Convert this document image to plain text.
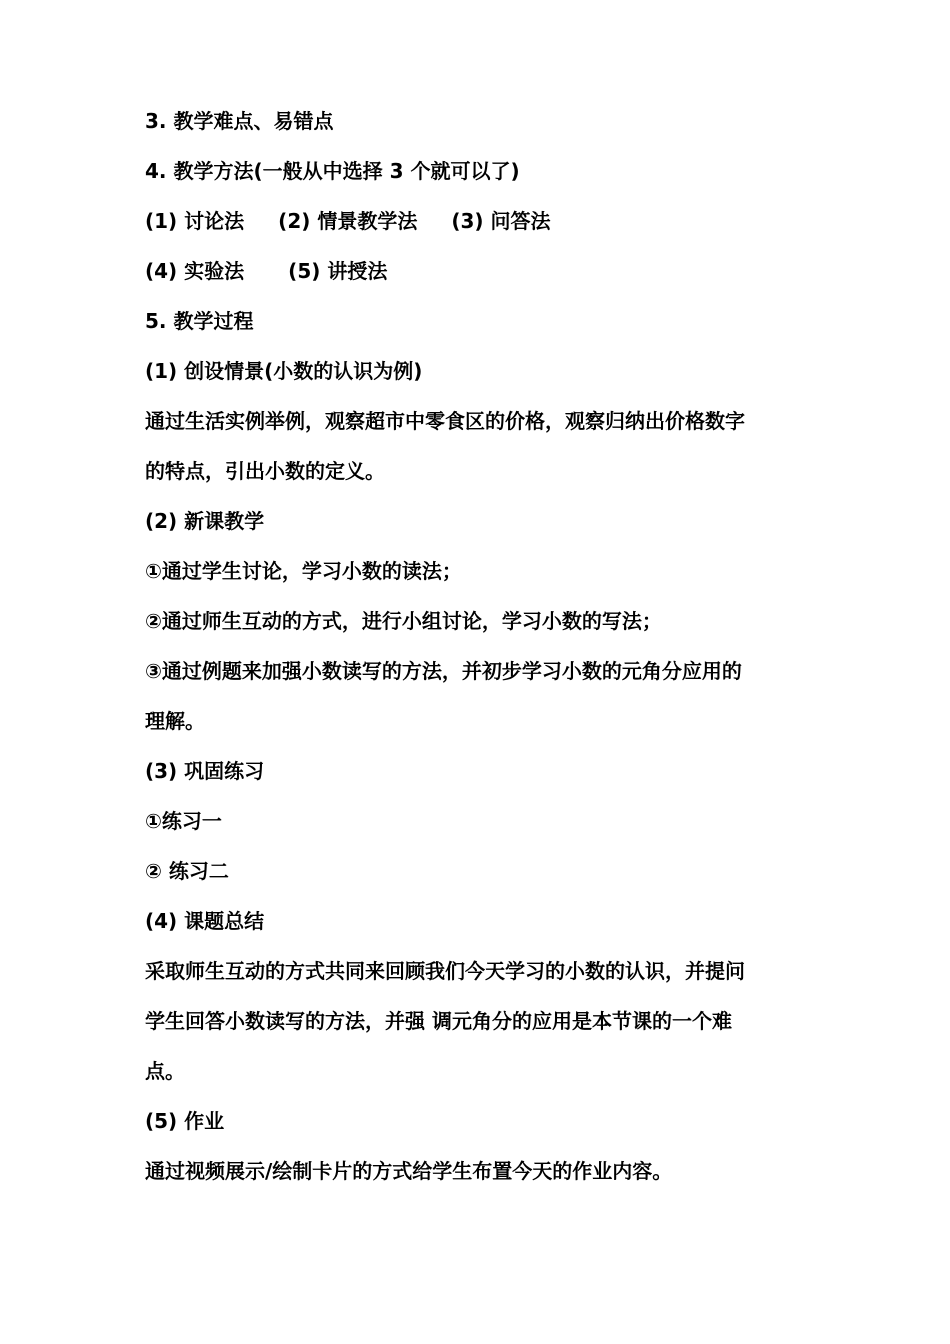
3. 教学难点、易错点

4. 教学方法(一般从中选择 3 个就可以了)

(1) 讨论法 (2) 情景教学法 (3) 问答法

(4) 实验法 (5) 讲授法

5. 教学过程

(1) 创设情景(小数的认识为例)

通过生活实例举例，观察超市中零食区的价格，观察归纳出价格数字

的特点，引出小数的定义。

(2) 新课教学

①通过学生讨论，学习小数的读法；

②通过师生互动的方式，进行小组讨论，学习小数的写法；

③通过例题来加强小数读写的方法，并初步学习小数的元角分应用的

理解。

(3) 巩固练习

①练习一

② 练习二

(4) 课题总结

采取师生互动的方式共同来回顾我们今天学习的小数的认识，并提问

学生回答小数读写的方法，并强 调元角分的应用是本节课的一个难

点。

(5) 作业

通过视频展示/绘制卡片的方式给学生布置今天的作业内容。
